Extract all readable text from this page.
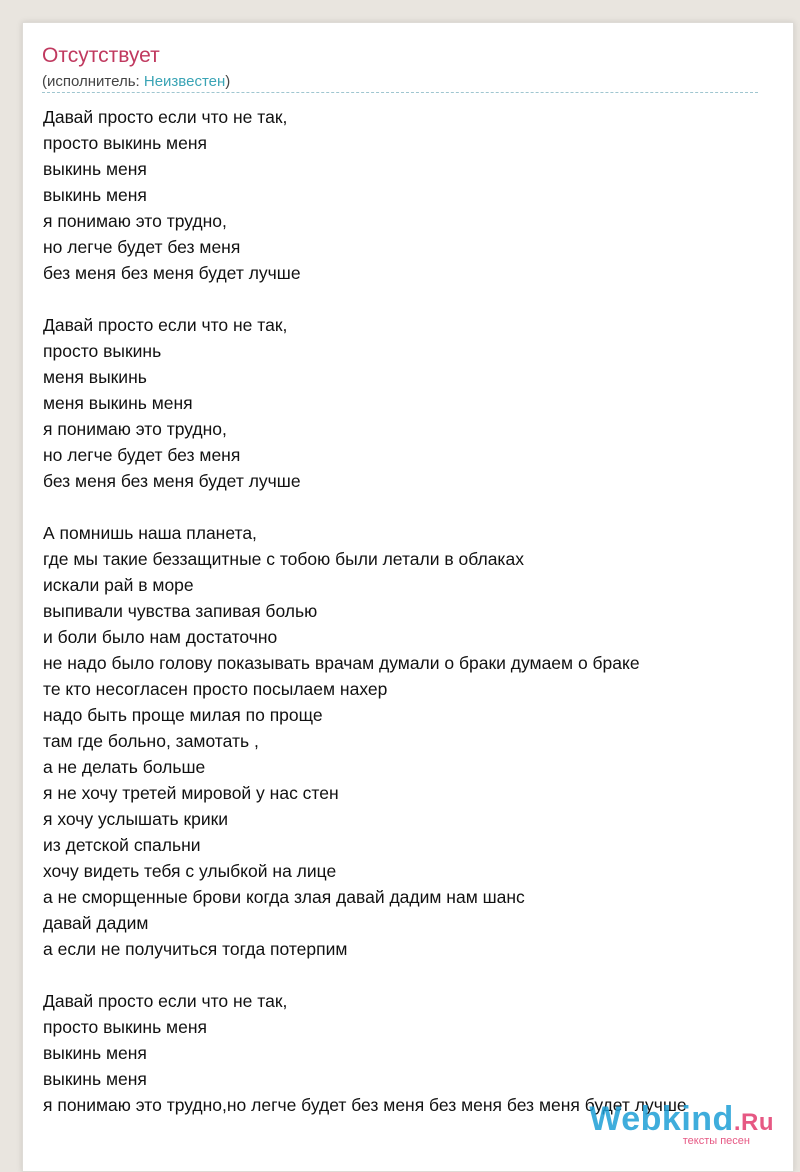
Отсутствует
(исполнитель: Неизвестен)
Давай просто если что не так,
просто выкинь меня
выкинь меня
выкинь меня
я понимаю это трудно,
но легче будет без меня
без меня без меня будет лучше
Давай просто если что не так,
просто выкинь
меня выкинь
меня выкинь меня
я понимаю это трудно,
но легче будет без меня
без меня без меня будет лучше
А помнишь наша планета,
где мы такие беззащитные с тобою были летали в облаках
искали рай в море
выпивали чувства запивая болью
и боли было нам достаточно
не надо было голову показывать врачам думали о браки думаем о браке
те кто несогласен просто посылаем нахер
надо быть проще милая по проще
там где больно, замотать ,
а не делать больше
я не хочу третей мировой у нас стен
я хочу услышать крики
из детской спальни
хочу видеть тебя с улыбкой на лице
а не сморщенные брови когда злая давай дадим нам шанс
давай дадим
а если не получиться тогда потерпим
Давай просто если что не так,
просто выкинь меня
выкинь меня
выкинь меня
я понимаю это трудно,но легче будет без меня без меня без меня будет лучше
Webkind.Ru
тексты песен
